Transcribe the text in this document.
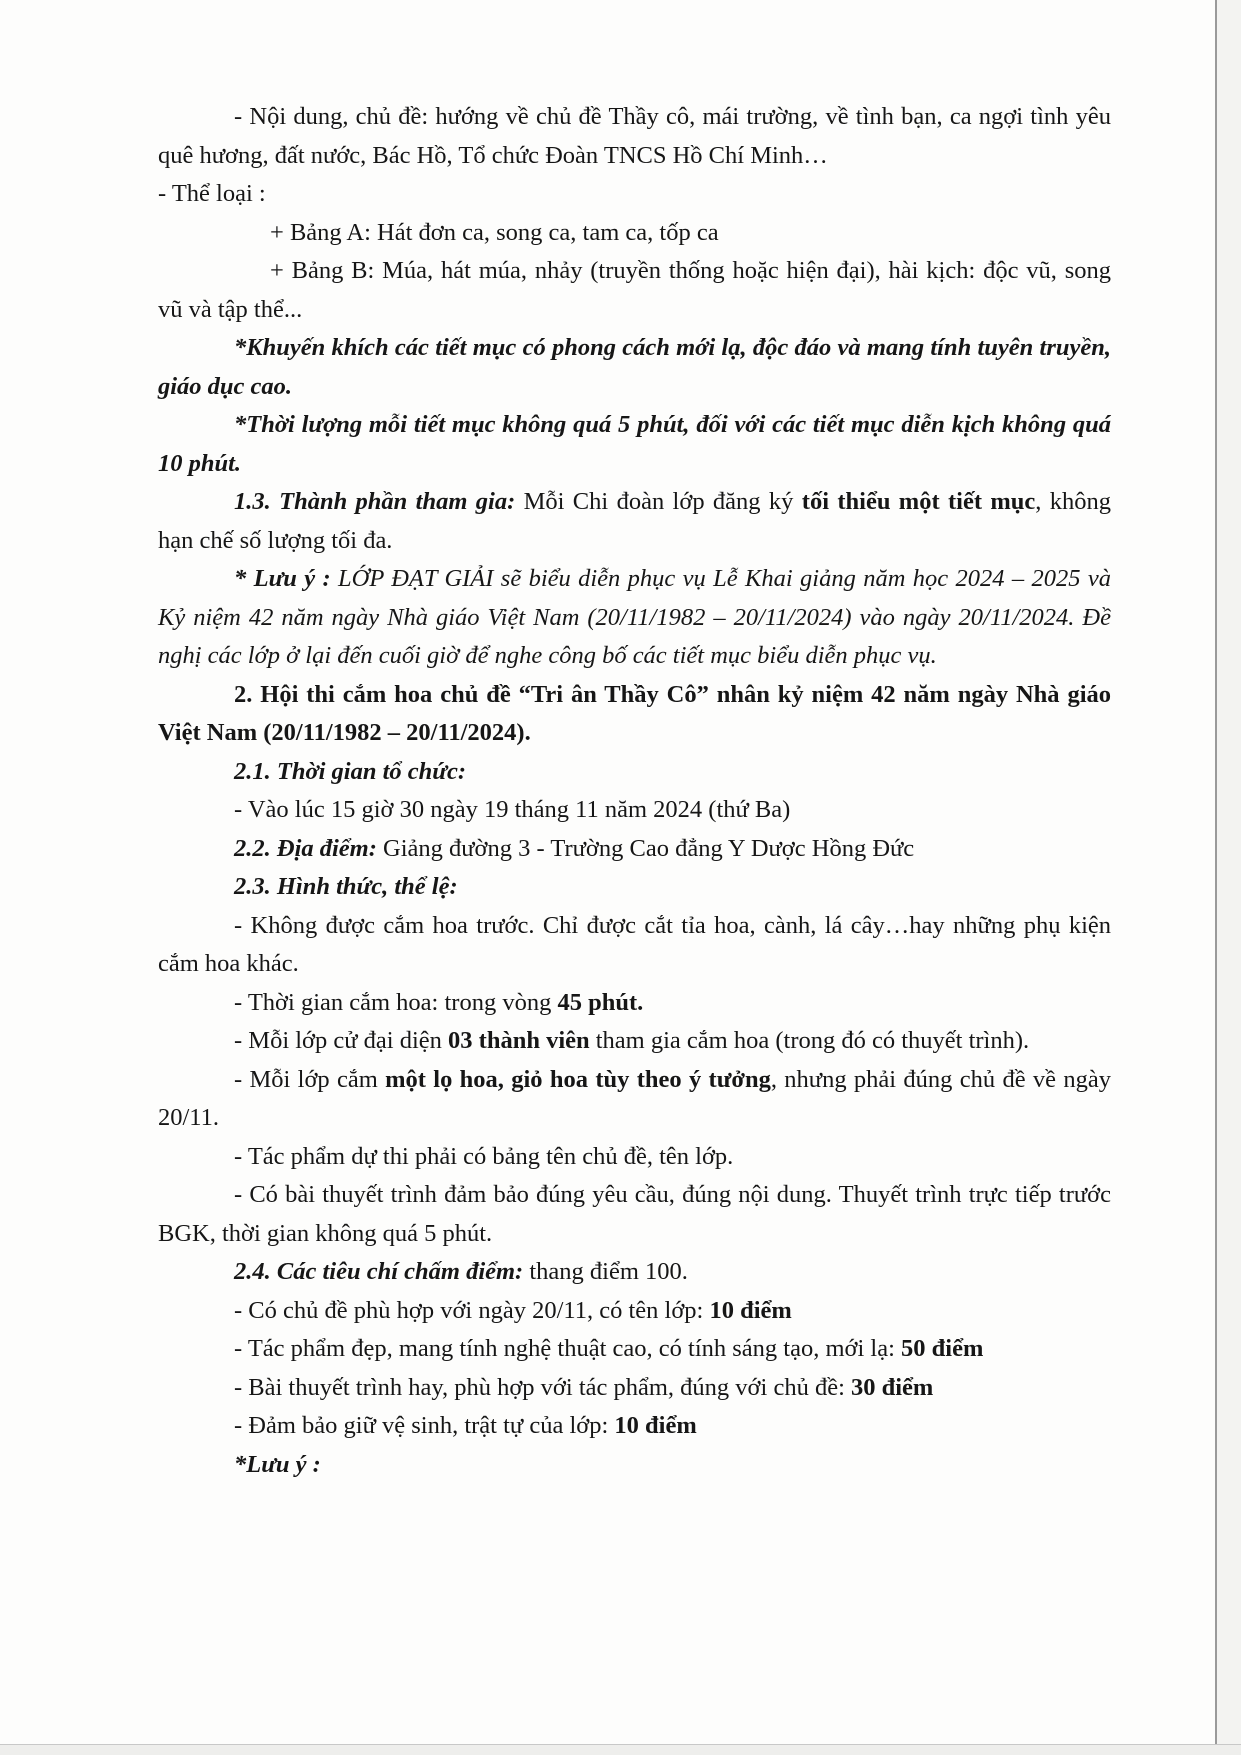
- Nội dung, chủ đề: hướng về chủ đề Thầy cô, mái trường, về tình bạn, ca ngợi tình yêu quê hương, đất nước, Bác Hồ, Tổ chức Đoàn TNCS Hồ Chí Minh…

- Thể loại :

+ Bảng A: Hát đơn ca, song ca, tam ca, tốp ca

+ Bảng B: Múa, hát múa, nhảy (truyền thống hoặc hiện đại), hài kịch: độc vũ, song vũ và tập thể...

*Khuyến khích các tiết mục có phong cách mới lạ, độc đáo và mang tính tuyên truyền, giáo dục cao.

*Thời lượng mỗi tiết mục không quá 5 phút, đối với các tiết mục diễn kịch không quá 10 phút.

1.3. Thành phần tham gia: Mỗi Chi đoàn lớp đăng ký tối thiểu một tiết mục, không hạn chế số lượng tối đa.

* Lưu ý : LỚP ĐẠT GIẢI sẽ biểu diễn phục vụ Lễ Khai giảng năm học 2024 – 2025 và Kỷ niệm 42 năm ngày Nhà giáo Việt Nam (20/11/1982 – 20/11/2024) vào ngày 20/11/2024. Đề nghị các lớp ở lại đến cuối giờ để nghe công bố các tiết mục biểu diễn phục vụ.

2. Hội thi cắm hoa chủ đề “Tri ân Thầy Cô” nhân kỷ niệm 42 năm ngày Nhà giáo Việt Nam (20/11/1982 – 20/11/2024).

2.1. Thời gian tổ chức:

- Vào lúc 15 giờ 30 ngày 19 tháng 11 năm 2024 (thứ Ba)

2.2. Địa điểm: Giảng đường 3 - Trường Cao đẳng Y Dược Hồng Đức

2.3. Hình thức, thể lệ:

- Không được cắm hoa trước. Chỉ được cắt tỉa hoa, cành, lá cây…hay những phụ kiện cắm hoa khác.

- Thời gian cắm hoa: trong vòng 45 phút.

- Mỗi lớp cử đại diện 03 thành viên tham gia cắm hoa (trong đó có thuyết trình).

- Mỗi lớp cắm một lọ hoa, giỏ hoa tùy theo ý tưởng, nhưng phải đúng chủ đề về ngày 20/11.

- Tác phẩm dự thi phải có bảng tên chủ đề, tên lớp.

- Có bài thuyết trình đảm bảo đúng yêu cầu, đúng nội dung. Thuyết trình trực tiếp trước BGK, thời gian không quá 5 phút.

2.4. Các tiêu chí chấm điểm: thang điểm 100.

- Có chủ đề phù hợp với ngày 20/11, có tên lớp: 10 điểm

- Tác phẩm đẹp, mang tính nghệ thuật cao, có tính sáng tạo, mới lạ: 50 điểm

- Bài thuyết trình hay, phù hợp với tác phẩm, đúng với chủ đề: 30 điểm

- Đảm bảo giữ vệ sinh, trật tự của lớp: 10 điểm

*Lưu ý :
